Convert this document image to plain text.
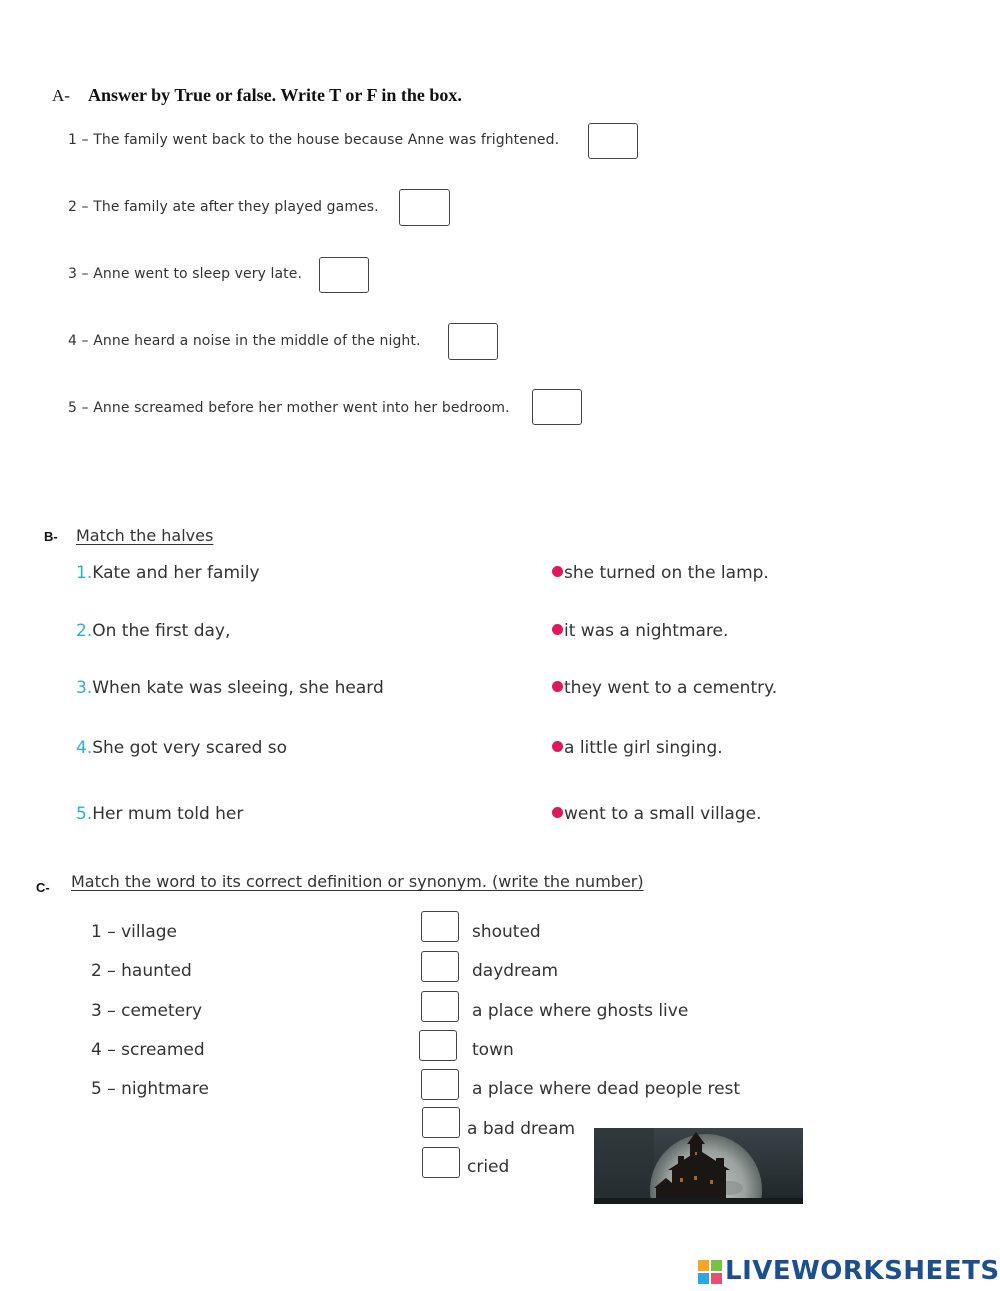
A- Answer by True or false. Write T or F in the box.
1 – The family went back to the house because Anne was frightened.
2 – The family ate after they played games.
3 – Anne went to sleep very late.
4 – Anne heard a noise in the middle of the night.
5 – Anne screamed before her mother went into her bedroom.
B- Match the halves
1.Kate and her family
2.On the first day,
3.When kate was sleeing, she heard
4.She got very scared so
5.Her mum told her
she turned on the lamp.
it was a nightmare.
they went to a cementry.
a little girl singing.
went to a small village.
C- Match the word to its correct definition or synonym. (write the number)
1 – village
2 – haunted
3 – cemetery
4 – screamed
5 – nightmare
shouted
daydream
a place where ghosts live
town
a place where dead people rest
a bad dream
cried
LIVEWORKSHEETS
